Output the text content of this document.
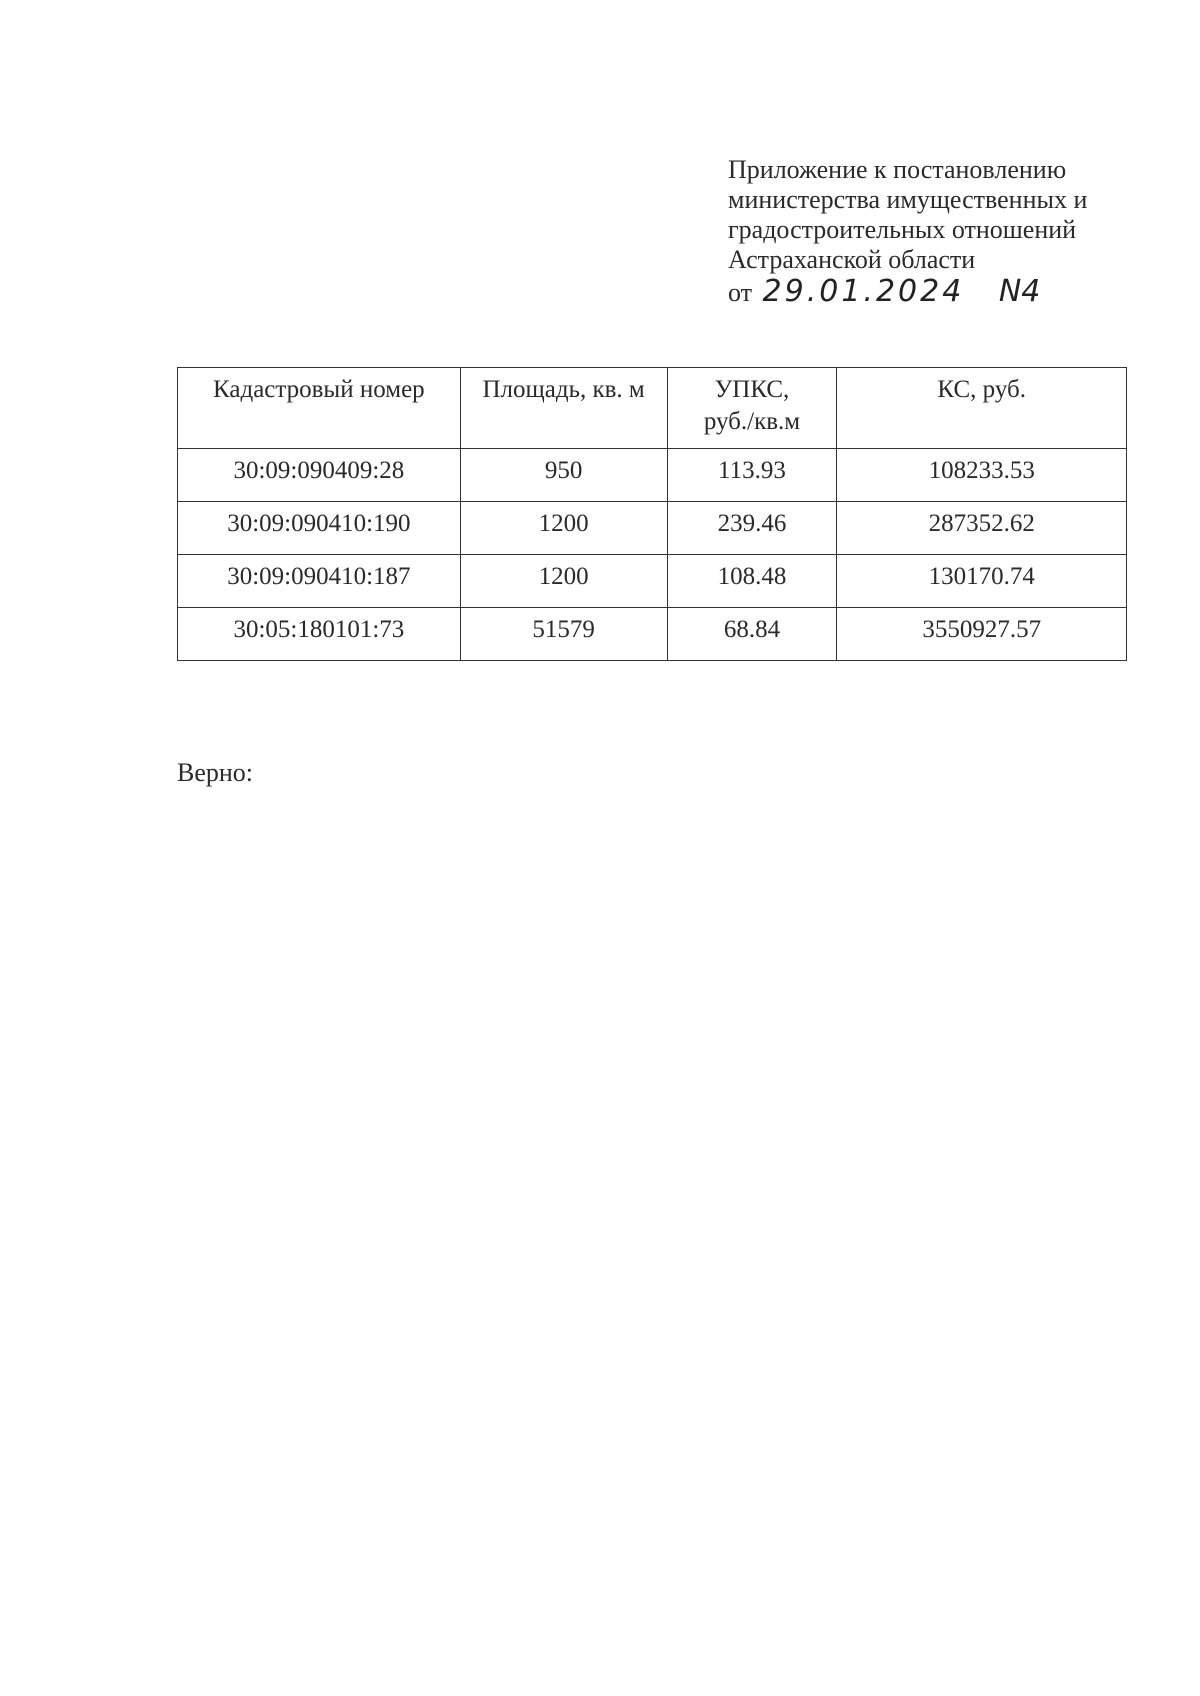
Приложение к постановлению
министерства имущественных и
градостроительных отношений
Астраханской области
от 29.01.2024 N4
Кадастровый номер	Площадь, кв. м	УПКС, руб./кв.м	КС, руб.
30:09:090409:28	950	113.93	108233.53
30:09:090410:190	1200	239.46	287352.62
30:09:090410:187	1200	108.48	130170.74
30:05:180101:73	51579	68.84	3550927.57
Верно:
